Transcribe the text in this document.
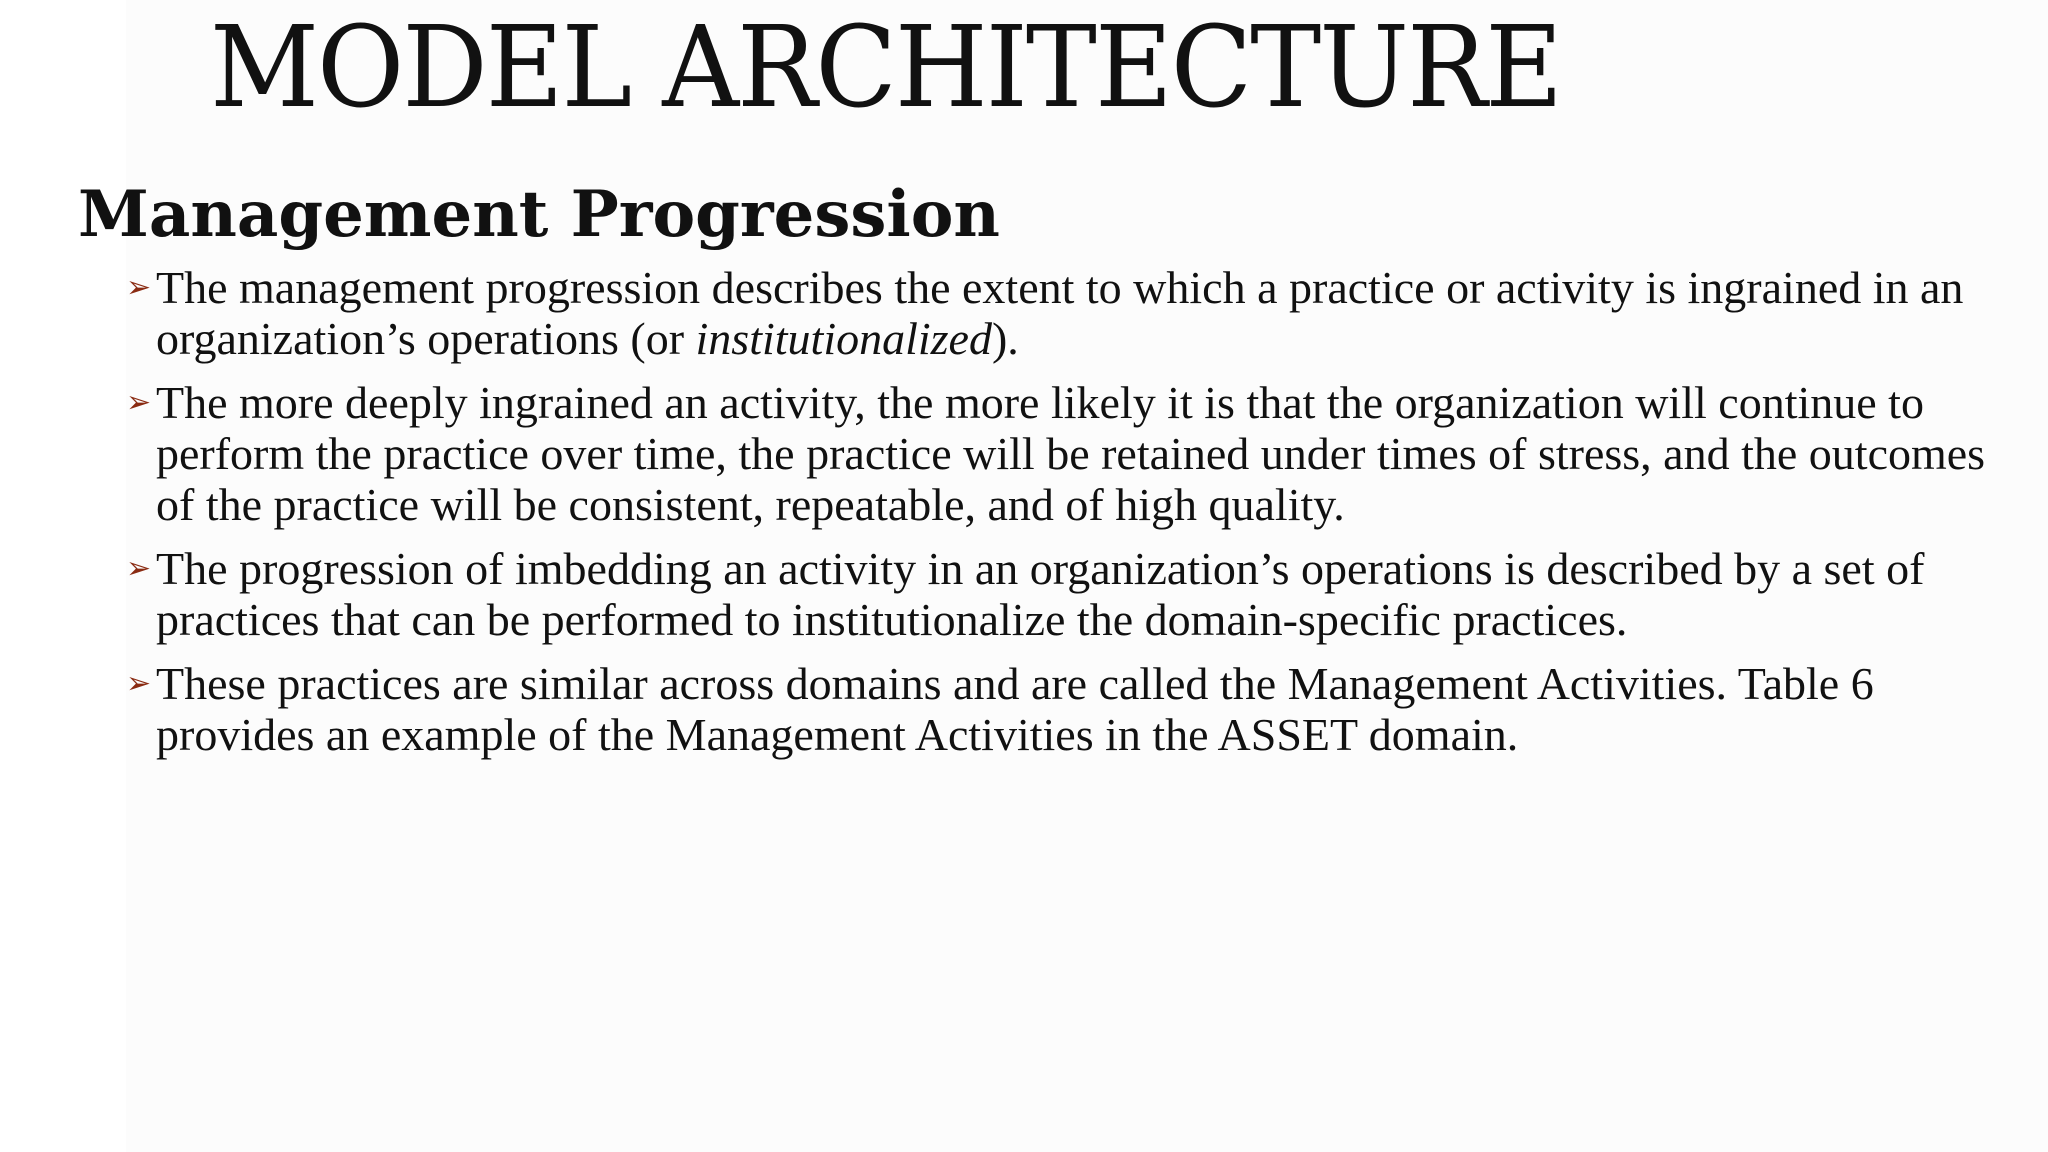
MODEL ARCHITECTURE
Management Progression
➢ The management progression describes the extent to which a practice or activity is ingrained in an organization’s operations (or institutionalized).
➢ The more deeply ingrained an activity, the more likely it is that the organization will continue to perform the practice over time, the practice will be retained under times of stress, and the outcomes of the practice will be consistent, repeatable, and of high quality.
➢ The progression of imbedding an activity in an organization’s operations is described by a set of practices that can be performed to institutionalize the domain-specific practices.
➢ These practices are similar across domains and are called the Management Activities. Table 6 provides an example of the Management Activities in the ASSET domain.
